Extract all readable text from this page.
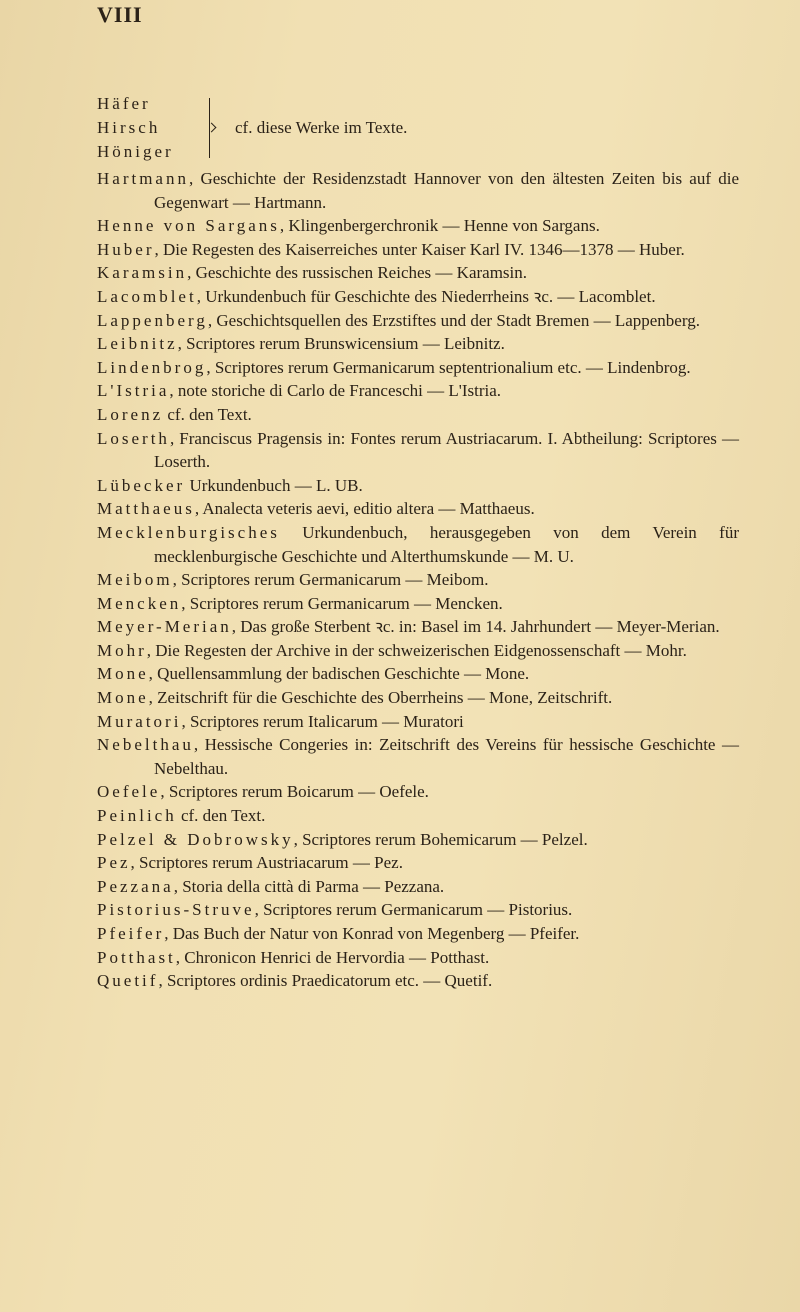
VIII
Häfer
Hirsch
Höniger
cf. diese Werke im Texte.
Hartmann, Geschichte der Residenzstadt Hannover von den ältesten Zeiten bis auf die Gegenwart — Hartmann.
Henne von Sargans, Klingenbergerchronik — Henne von Sargans.
Huber, Die Regesten des Kaiserreiches unter Kaiser Karl IV. 1346—1378 — Huber.
Karamsin, Geschichte des russischen Reiches — Karamsin.
Lacomblet, Urkundenbuch für Geschichte des Niederrheins ꝛc. — Lacomblet.
Lappenberg, Geschichtsquellen des Erzstiftes und der Stadt Bremen — Lappenberg.
Leibnitz, Scriptores rerum Brunswicensium — Leibnitz.
Lindenbrog, Scriptores rerum Germanicarum septentrionalium etc. — Lindenbrog.
L'Istria, note storiche di Carlo de Franceschi — L'Istria.
Lorenz cf. den Text.
Loserth, Franciscus Pragensis in: Fontes rerum Austriacarum. I. Abtheilung: Scriptores — Loserth.
Lübecker Urkundenbuch — L. UB.
Matthaeus, Analecta veteris aevi, editio altera — Matthaeus.
Mecklenburgisches Urkundenbuch, herausgegeben von dem Verein für mecklenburgische Geschichte und Alterthumskunde — M. U.
Meibom, Scriptores rerum Germanicarum — Meibom.
Mencken, Scriptores rerum Germanicarum — Mencken.
Meyer-Merian, Das große Sterbent ꝛc. in: Basel im 14. Jahrhundert — Meyer-Merian.
Mohr, Die Regesten der Archive in der schweizerischen Eidgenossenschaft — Mohr.
Mone, Quellensammlung der badischen Geschichte — Mone.
Mone, Zeitschrift für die Geschichte des Oberrheins — Mone, Zeitschrift.
Muratori, Scriptores rerum Italicarum — Muratori
Nebelthau, Hessische Congeries in: Zeitschrift des Vereins für hessische Geschichte — Nebelthau.
Oefele, Scriptores rerum Boicarum — Oefele.
Peinlich cf. den Text.
Pelzel & Dobrowsky, Scriptores rerum Bohemicarum — Pelzel.
Pez, Scriptores rerum Austriacarum — Pez.
Pezzana, Storia della città di Parma — Pezzana.
Pistorius-Struve, Scriptores rerum Germanicarum — Pistorius.
Pfeifer, Das Buch der Natur von Konrad von Megenberg — Pfeifer.
Potthast, Chronicon Henrici de Hervordia — Potthast.
Quetif, Scriptores ordinis Praedicatorum etc. — Quetif.
